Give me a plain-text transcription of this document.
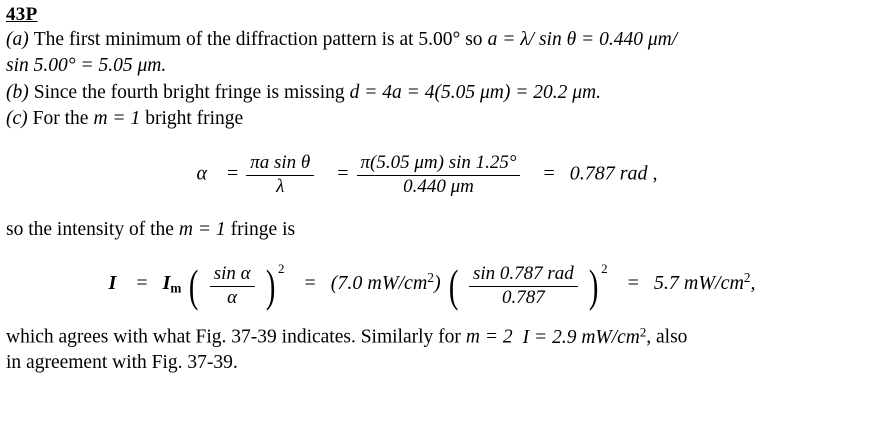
43P
(a) The first minimum of the diffraction pattern is at 5.00° so a = λ/ sin θ = 0.440 μm/
sin 5.00° = 5.05 μm.
(b) Since the fourth bright fringe is missing d = 4a = 4(5.05 μm) = 20.2 μm.
(c) For the m = 1 bright fringe
$\alpha = \frac{\text{πa sin θ}}{\lambda} = \frac{\pi(5.05 \mu m) \sin 1.25^\circ}{0.440 \mu m} = 0.787$ rad ,
so the intensity of the m = 1 fringe is
$I = I_m$ ( $\frac{\text{sin α}}{\alpha}$ ) $^2$  = (7.0 $mW/cm^2$) ( $\frac{\text{sin 0.787 rad}}{0.787}$ ) $^2$  = 5.7 $mW/cm^2$,
which agrees with what Fig. 37-39 indicates. Similarly for m = 2 I = 2.9 $mW/cm^2$, also
in agreement with Fig. 37-39.
